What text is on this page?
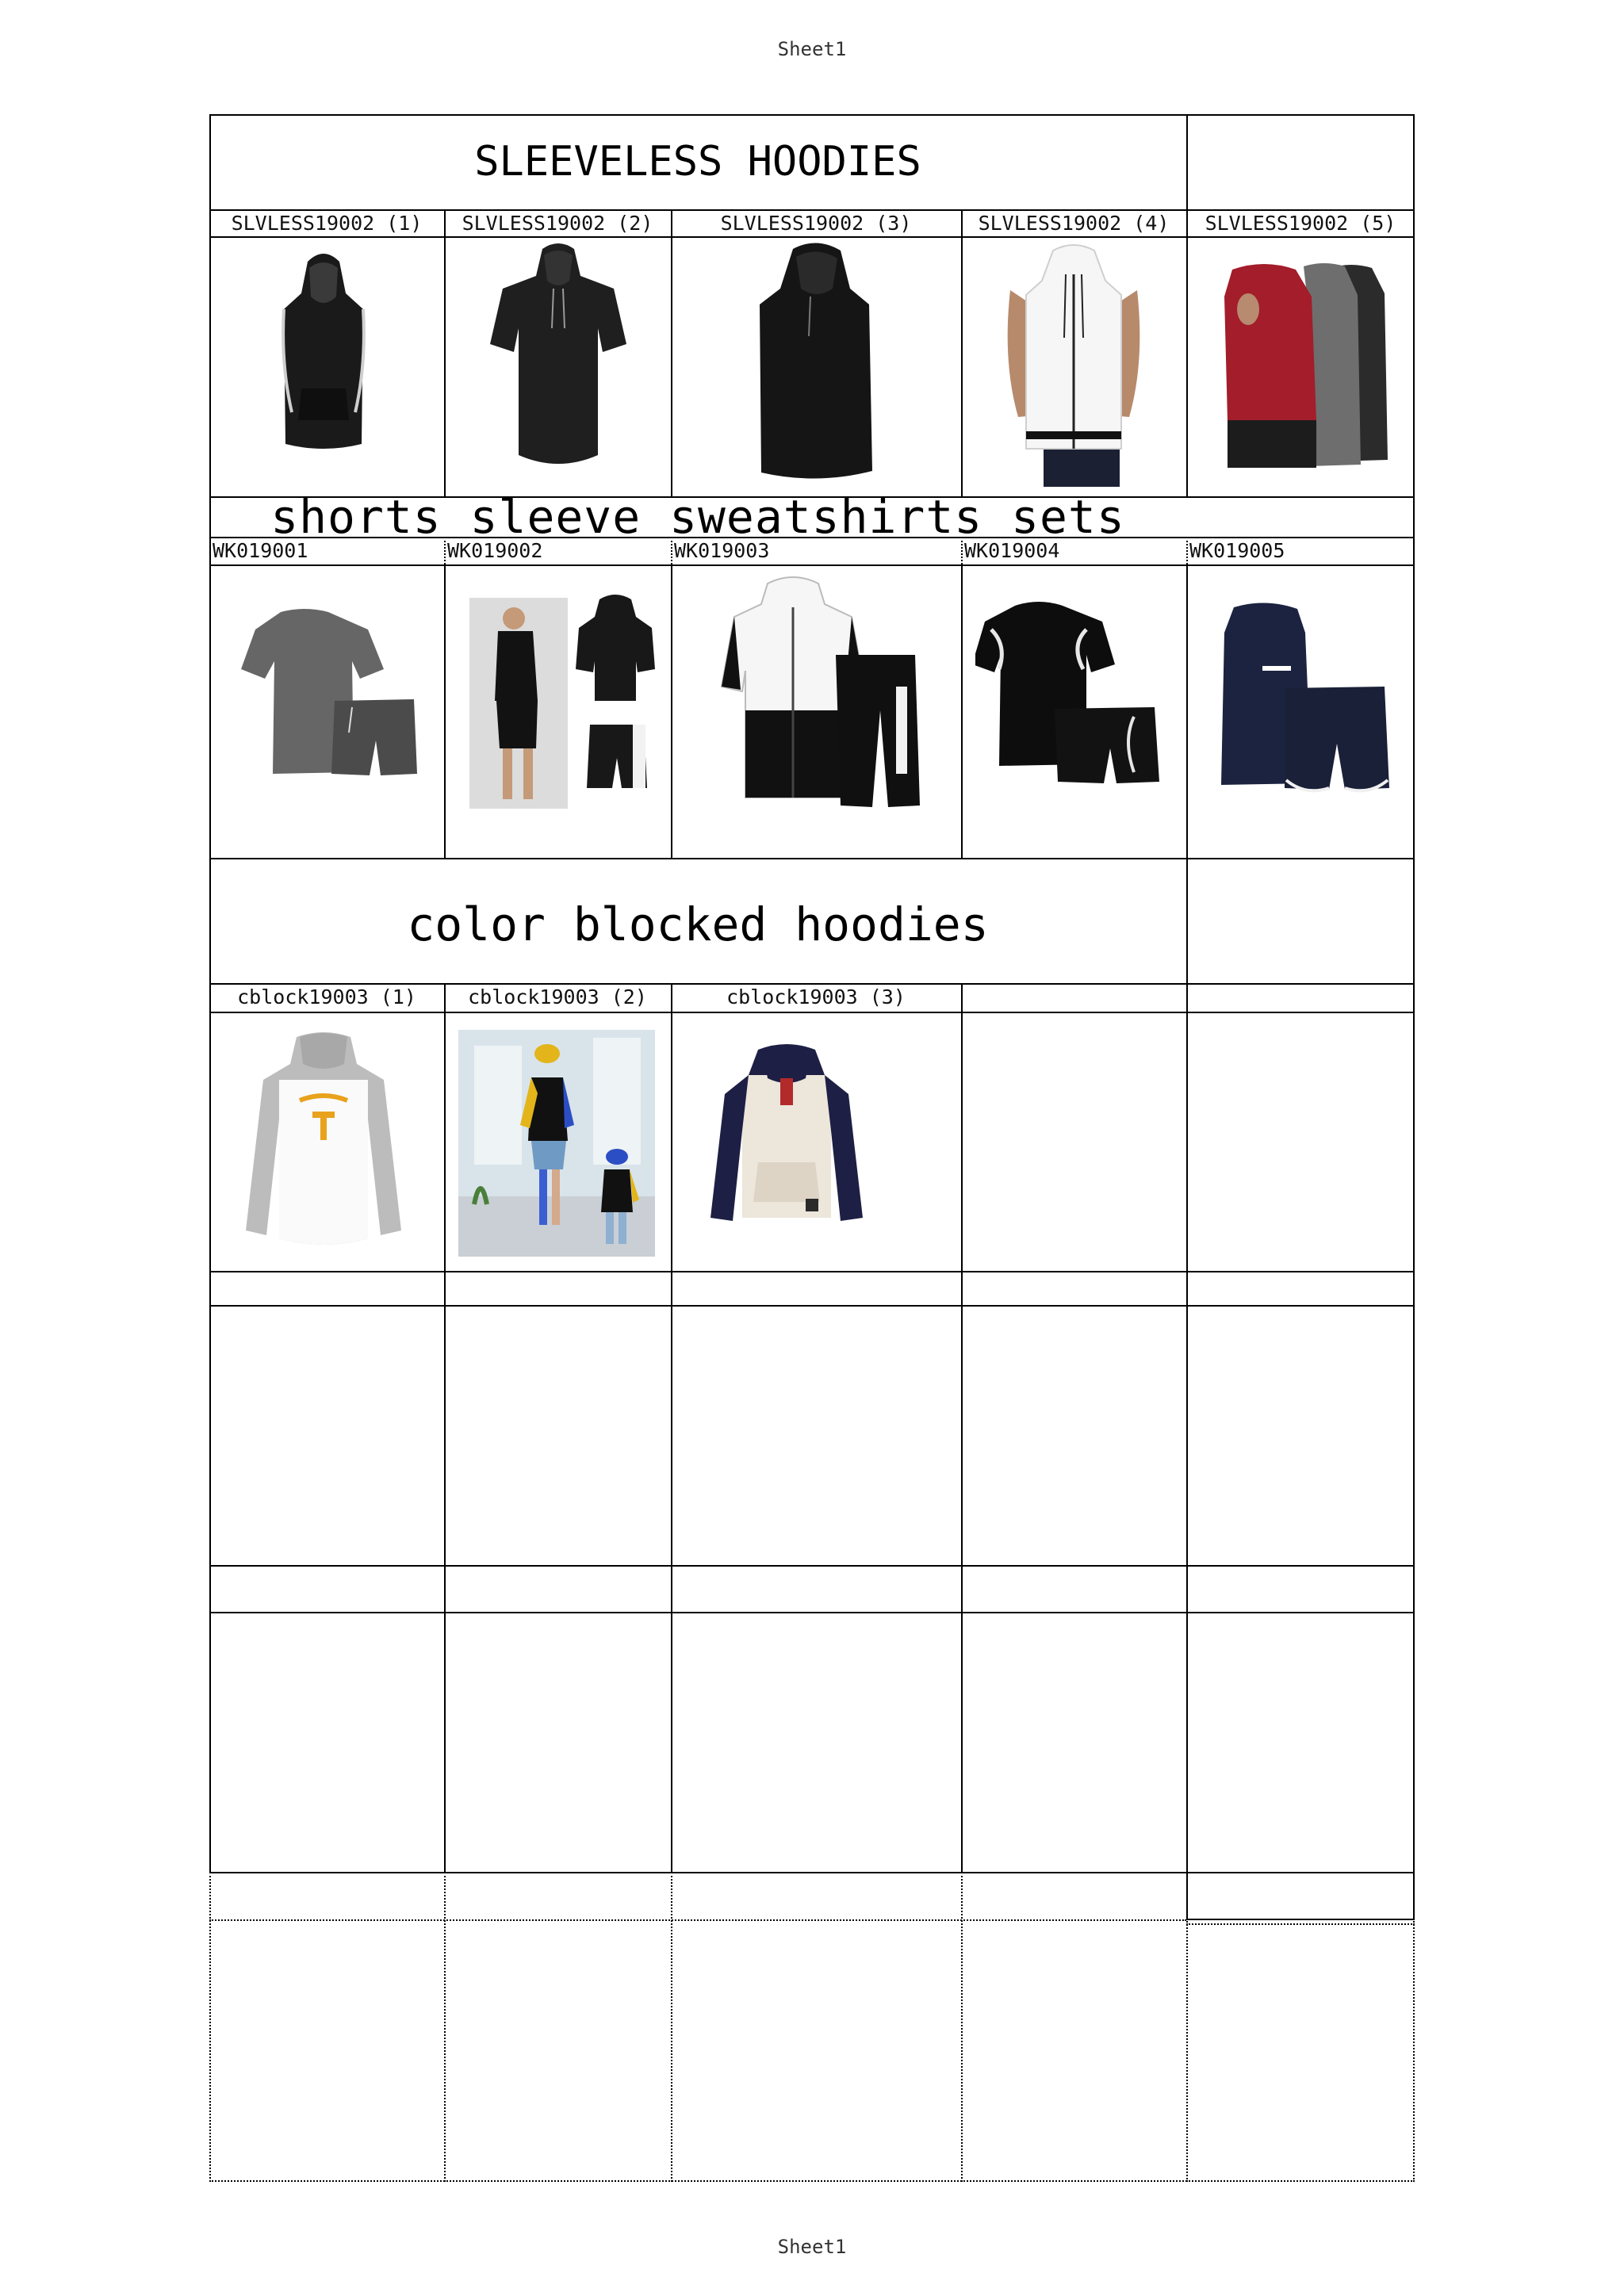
Sheet1
SLEEVELESS HOODIES
SLVLESS19002 (1)	SLVLESS19002 (2)	SLVLESS19002 (3)	SLVLESS19002 (4)	SLVLESS19002 (5)
shorts sleeve sweatshirts sets
WK019001	WK019002	WK019003	WK019004	WK019005
color blocked hoodies
cblock19003 (1)	cblock19003 (2)	cblock19003 (3)
Sheet1
